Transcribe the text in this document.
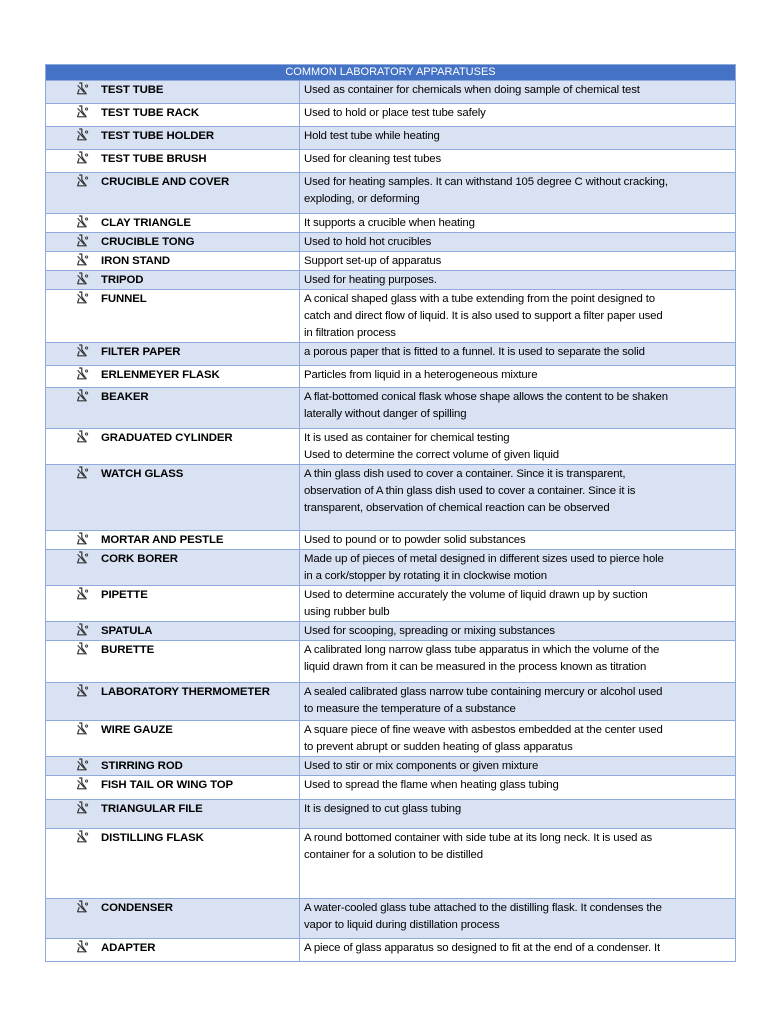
COMMON LABORATORY APPARATUSES	
TEST TUBE	Used as container for chemicals when doing sample of chemical test

TEST TUBE RACK	Used to hold or place test tube safely

TEST TUBE HOLDER	Hold test tube while heating

TEST TUBE BRUSH	Used for cleaning test tubes

CRUCIBLE AND COVER	Used for heating samples. It can withstand 105 degree C without cracking,
exploding, or deforming

CLAY TRIANGLE	It supports a crucible when heating

CRUCIBLE TONG	Used to hold hot crucibles

IRON STAND	Support set-up of apparatus

TRIPOD	Used for heating purposes.

FUNNEL	A conical shaped glass with a tube extending from the point designed to
catch and direct flow of liquid. It is also used to support a filter paper used
in filtration process

FILTER PAPER	a porous paper that is fitted to a funnel. It is used to separate the solid

ERLENMEYER FLASK	Particles from liquid in a heterogeneous mixture

BEAKER	A flat-bottomed conical flask whose shape allows the content to be shaken
laterally without danger of spilling

GRADUATED CYLINDER	It is used as container for chemical testing
Used to determine the correct volume of given liquid

WATCH GLASS	A thin glass dish used to cover a container. Since it is transparent,
observation of A thin glass dish used to cover a container. Since it is
transparent, observation of chemical reaction can be observed

MORTAR AND PESTLE	Used to pound or to powder solid substances

CORK BORER	Made up of pieces of metal designed in different sizes used to pierce hole
in a cork/stopper by rotating it in clockwise motion

PIPETTE	Used to determine accurately the volume of liquid drawn up by suction
using rubber bulb

SPATULA	Used for scooping, spreading or mixing substances

BURETTE	A calibrated long narrow glass tube apparatus in which the volume of the
liquid drawn from it can be measured in the process known as titration

LABORATORY THERMOMETER	A sealed calibrated glass narrow tube containing mercury or alcohol used
to measure the temperature of a substance

WIRE GAUZE	A square piece of fine weave with asbestos embedded at the center used
to prevent abrupt or sudden heating of glass apparatus

STIRRING ROD	Used to stir or mix components or given mixture

FISH TAIL OR WING TOP	Used to spread the flame when heating glass tubing

TRIANGULAR FILE	It is designed to cut glass tubing

DISTILLING FLASK	A round bottomed container with side tube at its long neck. It is used as
container for a solution to be distilled

CONDENSER	A water-cooled glass tube attached to the distilling flask. It condenses the
vapor to liquid during distillation process

ADAPTER	A piece of glass apparatus so designed to fit at the end of a condenser. It
